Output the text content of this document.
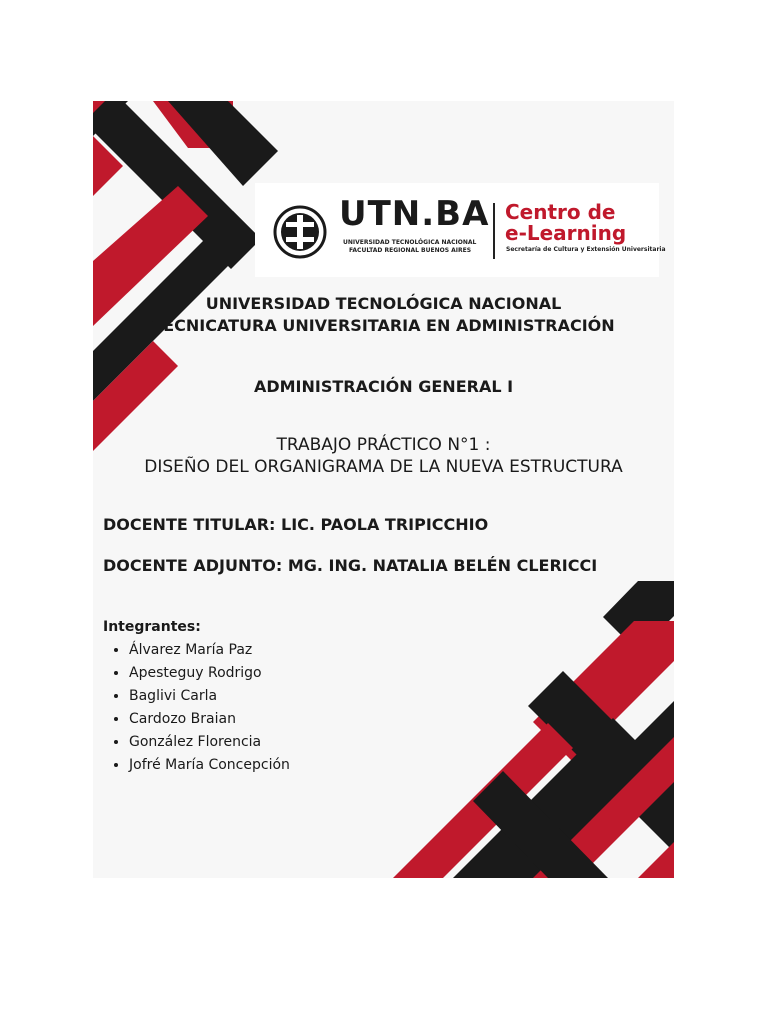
UTN.BA
UNIVERSIDAD TECNOLÓGICA NACIONAL
FACULTAD REGIONAL BUENOS AIRES
Centro de
e-Learning
Secretaría de Cultura y Extensión Universitaria
UNIVERSIDAD TECNOLÓGICA NACIONAL
TECNICATURA UNIVERSITARIA EN ADMINISTRACIÓN
ADMINISTRACIÓN GENERAL I
TRABAJO PRÁCTICO N°1 :
DISEÑO DEL ORGANIGRAMA DE LA NUEVA ESTRUCTURA
DOCENTE TITULAR: LIC. PAOLA TRIPICCHIO
DOCENTE ADJUNTO: MG. ING. NATALIA BELÉN CLERICCI
Integrantes:
• Álvarez María Paz
• Apesteguy Rodrigo
• Baglivi Carla
• Cardozo Braian
• González Florencia
• Jofré María Concepción
